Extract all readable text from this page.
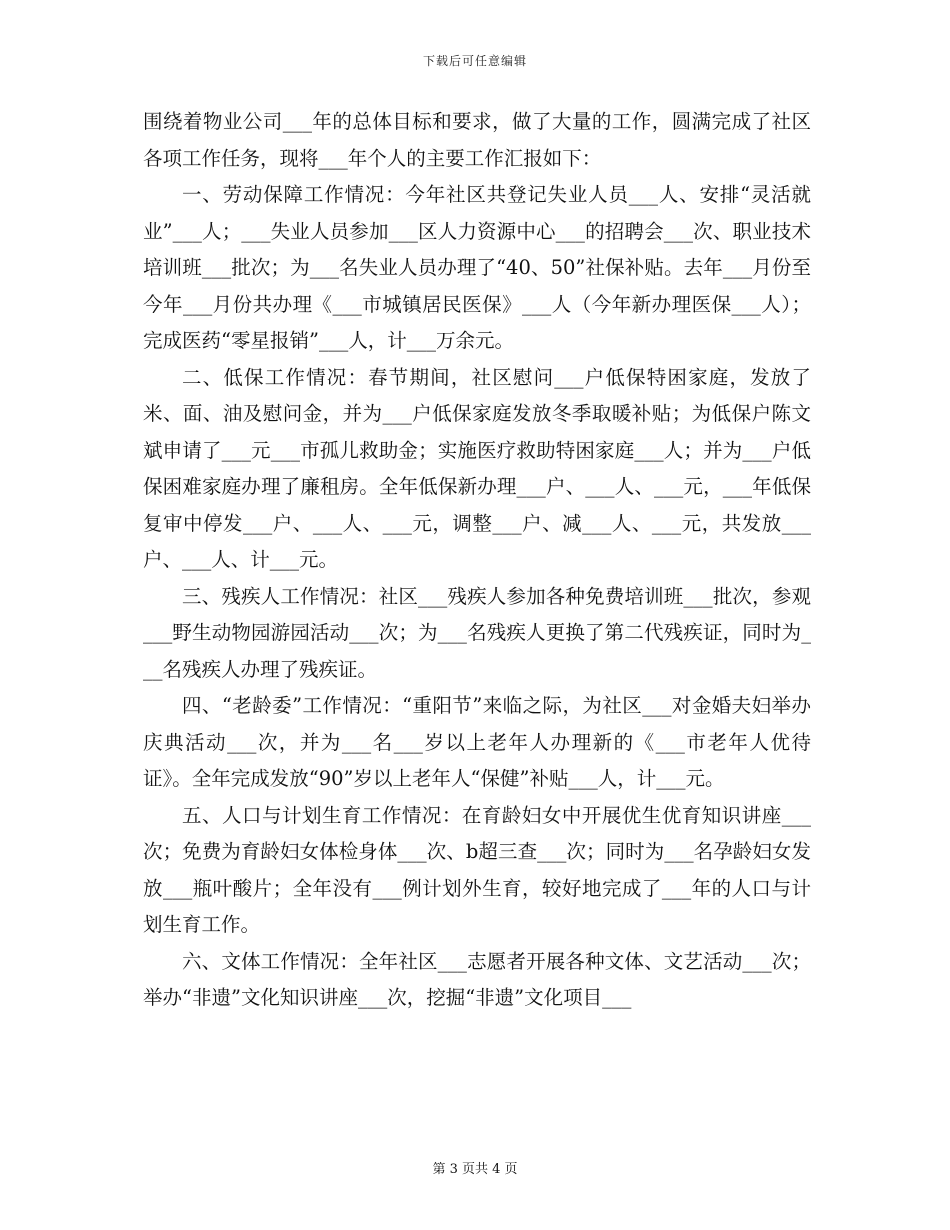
下载后可任意编辑

围绕着物业公司___年的总体目标和要求，做了大量的工作，圆满完成了社区各项工作任务，现将___年个人的主要工作汇报如下：

一、劳动保障工作情况：今年社区共登记失业人员___人、安排“灵活就业”___人；___失业人员参加___区人力资源中心___的招聘会___次、职业技术培训班___批次；为___名失业人员办理了“40、50”社保补贴。去年___月份至今年___月份共办理《___市城镇居民医保》___人（今年新办理医保___人）；完成医药“零星报销”___人，计___万余元。

二、低保工作情况：春节期间，社区慰问___户低保特困家庭，发放了米、面、油及慰问金，并为___户低保家庭发放冬季取暖补贴；为低保户陈文斌申请了___元___市孤儿救助金；实施医疗救助特困家庭___人；并为___户低保困难家庭办理了廉租房。全年低保新办理___户、___人、___元，___年低保复审中停发___户、___人、___元，调整___户、减___人、___元，共发放___户、___人、计___元。

三、残疾人工作情况：社区___残疾人参加各种免费培训班___批次，参观___野生动物园游园活动___次；为___名残疾人更换了第二代残疾证，同时为___名残疾人办理了残疾证。

四、“老龄委”工作情况：“重阳节”来临之际，为社区___对金婚夫妇举办庆典活动___次，并为___名___岁以上老年人办理新的《___市老年人优待证》。全年完成发放“90”岁以上老年人“保健”补贴___人，计___元。

五、人口与计划生育工作情况：在育龄妇女中开展优生优育知识讲座___次；免费为育龄妇女体检身体___次、b超三查___次；同时为___名孕龄妇女发放___瓶叶酸片；全年没有___例计划外生育，较好地完成了___年的人口与计划生育工作。

六、文体工作情况：全年社区___志愿者开展各种文体、文艺活动___次；举办“非遗”文化知识讲座___次，挖掘“非遗”文化项目___

第 3 页共 4 页
